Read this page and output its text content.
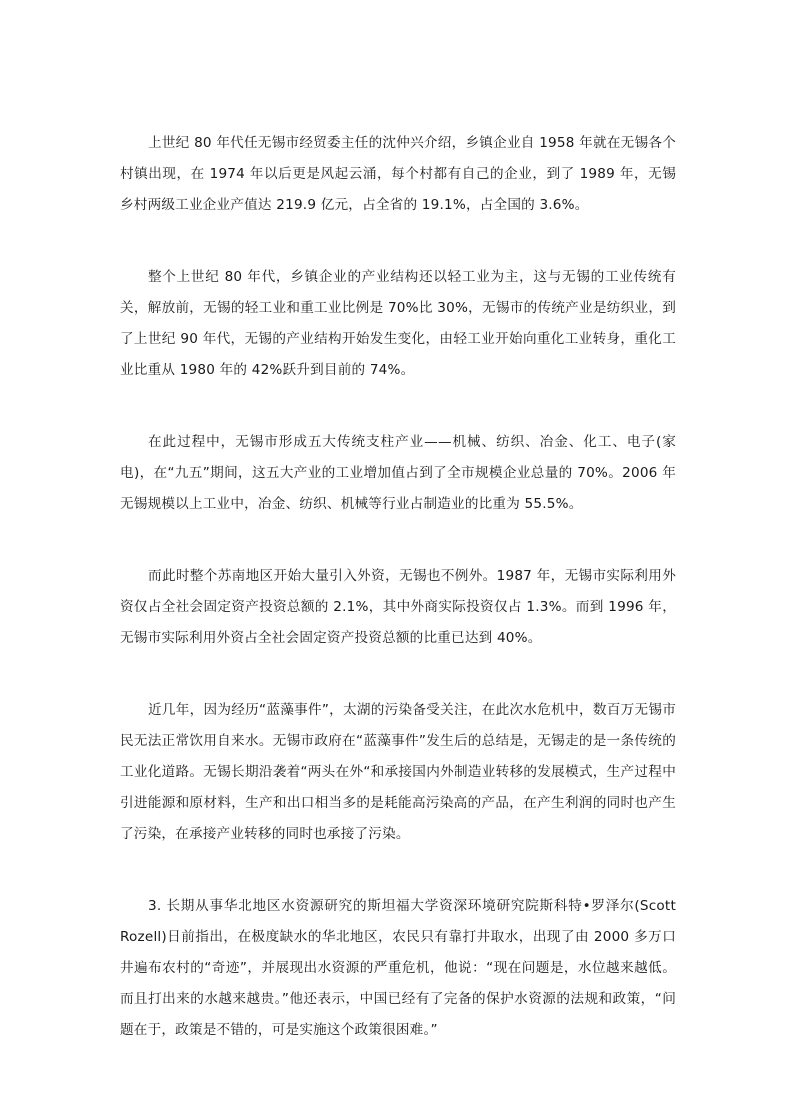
上世纪 80 年代任无锡市经贸委主任的沈仲兴介绍，乡镇企业自 1958 年就在无锡各个村镇出现，在 1974 年以后更是风起云涌，每个村都有自己的企业，到了 1989 年，无锡乡村两级工业企业产值达 219.9 亿元，占全省的 19.1%，占全国的 3.6%。

整个上世纪 80 年代，乡镇企业的产业结构还以轻工业为主，这与无锡的工业传统有关，解放前，无锡的轻工业和重工业比例是 70%比 30%，无锡市的传统产业是纺织业，到了上世纪 90 年代，无锡的产业结构开始发生变化，由轻工业开始向重化工业转身，重化工业比重从 1980 年的 42%跃升到目前的 74%。

在此过程中，无锡市形成五大传统支柱产业——机械、纺织、冶金、化工、电子(家电)，在“九五”期间，这五大产业的工业增加值占到了全市规模企业总量的 70%。2006 年无锡规模以上工业中，冶金、纺织、机械等行业占制造业的比重为 55.5%。

而此时整个苏南地区开始大量引入外资，无锡也不例外。1987 年，无锡市实际利用外资仅占全社会固定资产投资总额的 2.1%，其中外商实际投资仅占 1.3%。而到 1996 年，无锡市实际利用外资占全社会固定资产投资总额的比重已达到 40%。

近几年，因为经历“蓝藻事件”，太湖的污染备受关注，在此次水危机中，数百万无锡市民无法正常饮用自来水。无锡市政府在“蓝藻事件”发生后的总结是，无锡走的是一条传统的工业化道路。无锡长期沿袭着“两头在外“和承接国内外制造业转移的发展模式，生产过程中引进能源和原材料，生产和出口相当多的是耗能高污染高的产品，在产生利润的同时也产生了污染，在承接产业转移的同时也承接了污染。

3. 长期从事华北地区水资源研究的斯坦福大学资深环境研究院斯科特•罗泽尔(Scott Rozell)日前指出，在极度缺水的华北地区，农民只有靠打井取水，出现了由 2000 多万口井遍布农村的“奇迹”，并展现出水资源的严重危机，他说：“现在问题是，水位越来越低。而且打出来的水越来越贵。”他还表示，中国已经有了完备的保护水资源的法规和政策，“问题在于，政策是不错的，可是实施这个政策很困难。”
